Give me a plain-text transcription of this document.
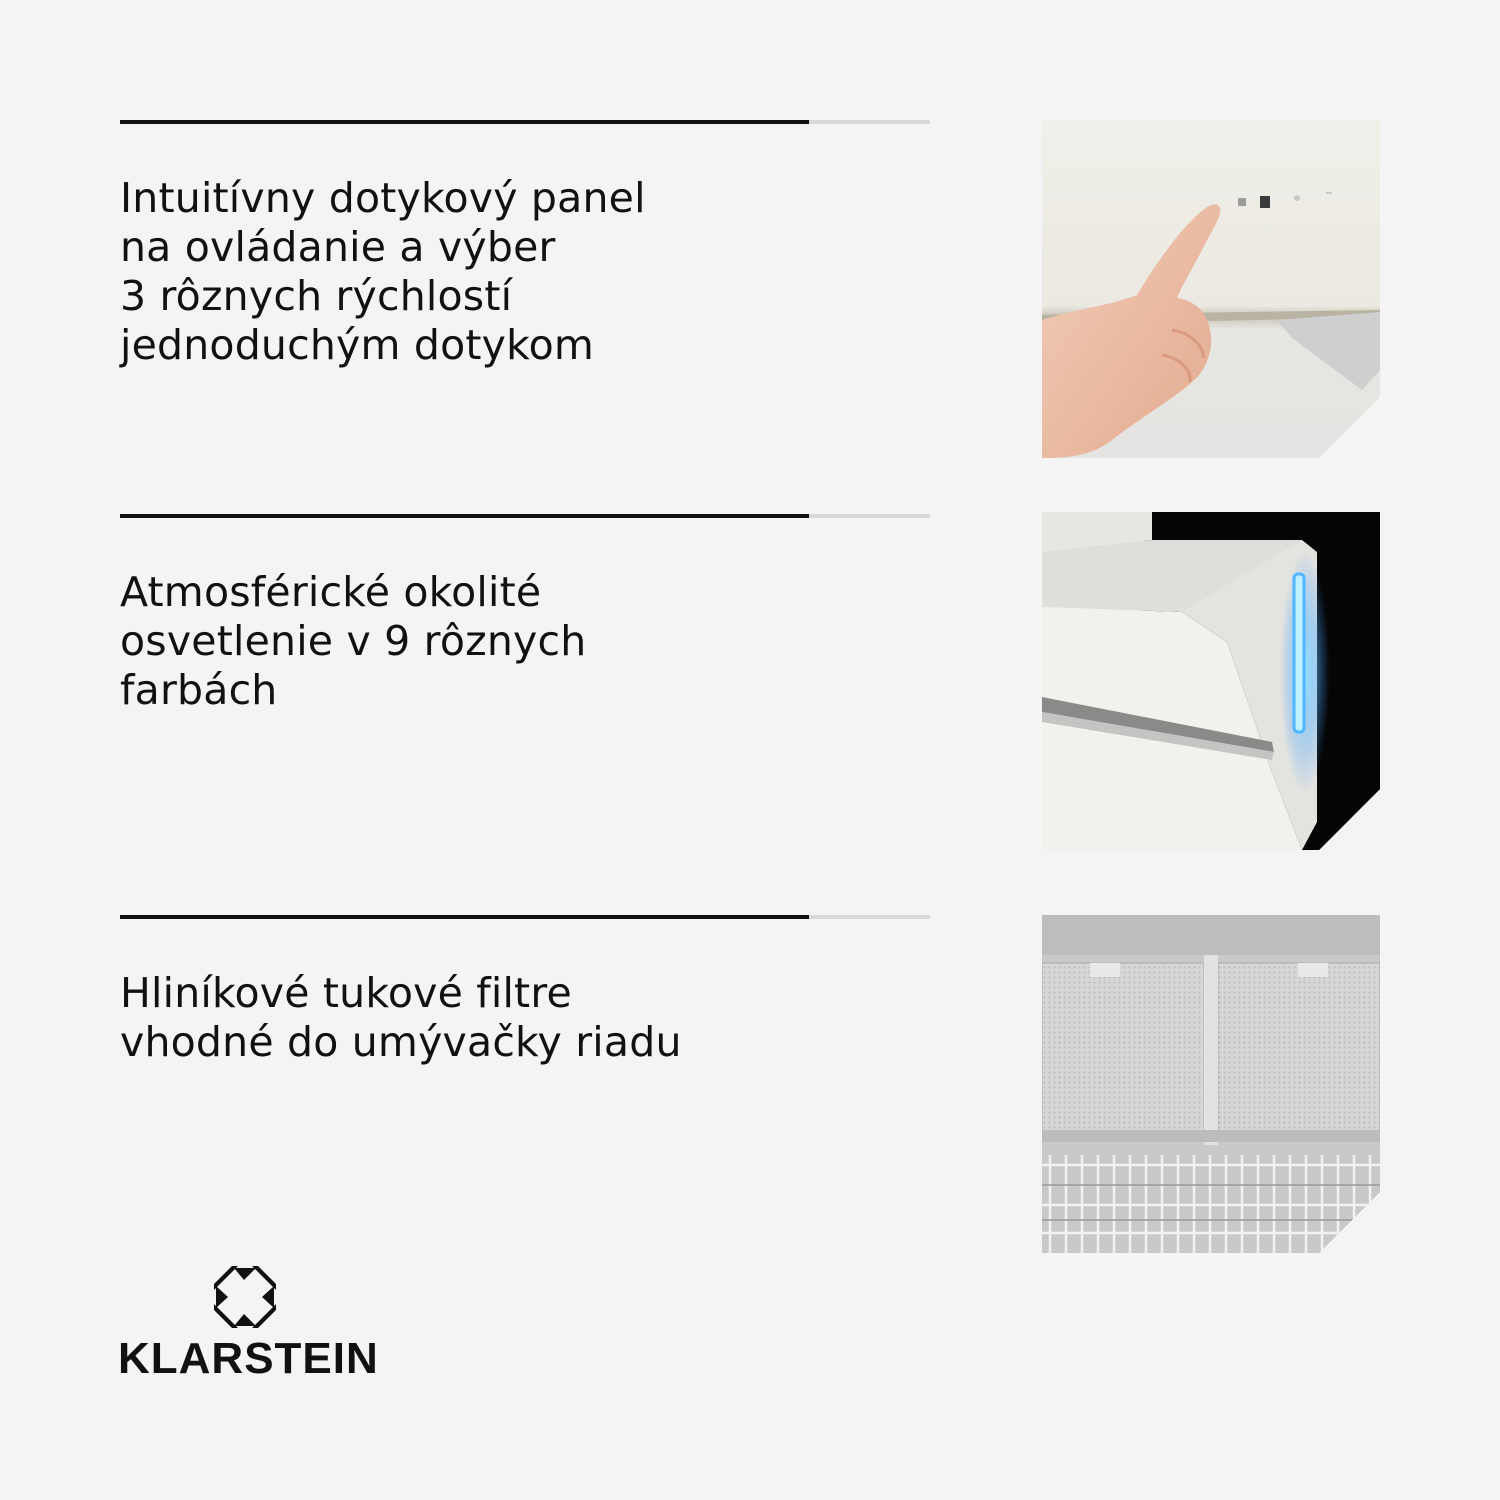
Intuitívny dotykový panel
na ovládanie a výber
3 rôznych rýchlostí
jednoduchým dotykom

Atmosférické okolité
osvetlenie v 9 rôznych
farbách

Hliníkové tukové filtre
vhodné do umývačky riadu

KLARSTEIN
